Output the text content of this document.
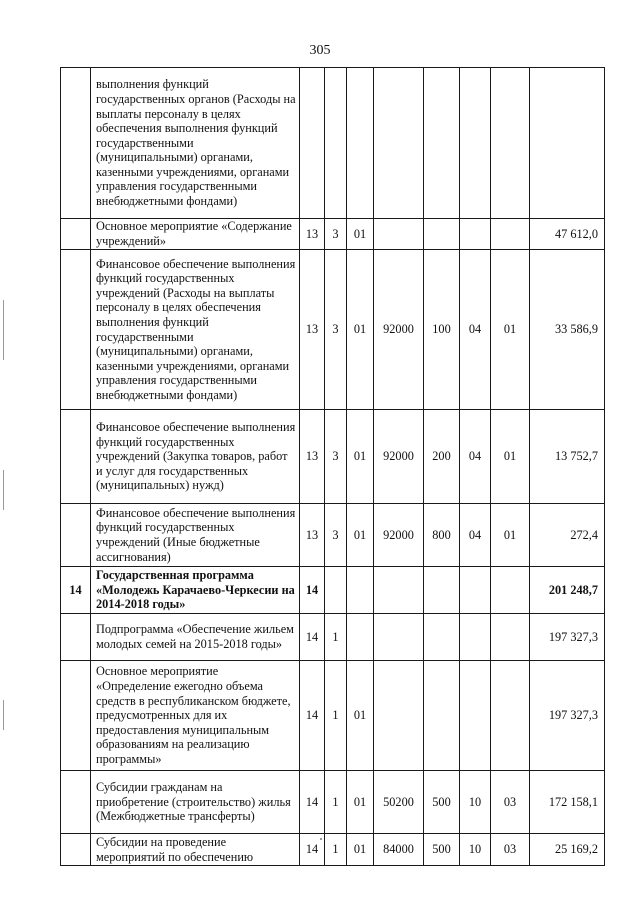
305
	выполнения функций государственных органов (Расходы на выплаты персоналу в целях обеспечения выполнения функций государственными (муниципальными) органами, казенными учреждениями, органами управления государственными внебюджетными фондами)								
	Основное мероприятие «Содержание учреждений»	13	3	01					47 612,0
	Финансовое обеспечение выполнения функций государственных учреждений (Расходы на выплаты персоналу в целях обеспечения выполнения функций государственными (муниципальными) органами, казенными учреждениями, органами управления государственными внебюджетными фондами)	13	3	01	92000	100	04	01	33 586,9
	Финансовое обеспечение выполнения функций государственных учреждений (Закупка товаров, работ и услуг для государственных (муниципальных) нужд)	13	3	01	92000	200	04	01	13 752,7
	Финансовое обеспечение выполнения функций государственных учреждений (Иные бюджетные ассигнования)	13	3	01	92000	800	04	01	272,4
14	Государственная программа «Молодежь Карачаево-Черкесии на 2014-2018 годы»	14							201 248,7
	Подпрограмма «Обеспечение жильем молодых семей на 2015-2018 годы»	14	1						197 327,3
	Основное мероприятие «Определение ежегодно объема средств в республиканском бюджете, предусмотренных для их предоставления муниципальным образованиям на реализацию программы»	14	1	01					197 327,3
	Субсидии гражданам на приобретение (строительство) жилья (Межбюджетные трансферты)	14	1	01	50200	500	10	03	172 158,1
	Субсидии на проведение мероприятий по обеспечению	14	1	01	84000	500	10	03	25 169,2
